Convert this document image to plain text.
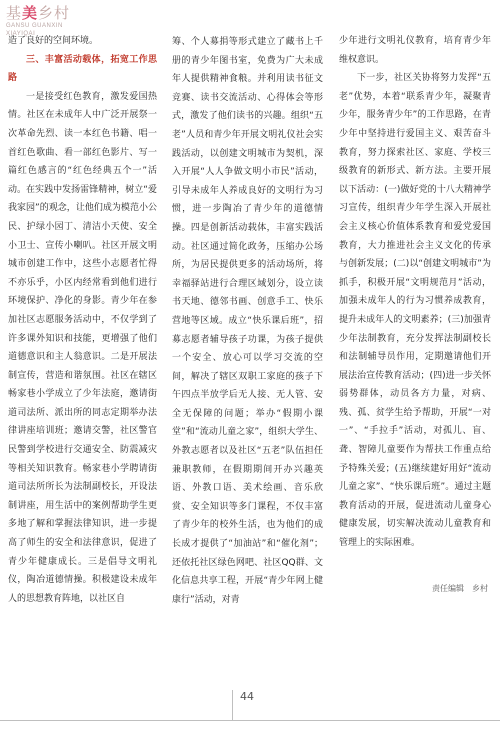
基美乡村
GANSU GUANXIN
XIAYIQAI

造了良好的空间环境。

三、丰富活动载体，拓宽工作思路

一是接受红色教育，激发爱国热情。社区在未成年人中广泛开展祭一次革命先烈、读一本红色书籍、唱一首红色歌曲、看一部红色影片、写一篇红色感言的“红色经典五个一”活动。在实践中发扬雷锋精神，树立“爱我家园”的观念，让他们成为模范小公民、护绿小园丁、清洁小天使、安全小卫士、宣传小喇叭。社区开展文明城市创建工作中，这些小志愿者忙得不亦乐乎，小区内经常看到他们进行环境保护、净化的身影。青少年在参加社区志愿服务活动中，不仅学到了许多课外知识和技能，更增强了他们道德意识和主人翁意识。二是开展法制宣传，营造和谐氛围。社区在辖区畅家巷小学成立了少年法庭，邀请街道司法所、派出所的同志定期举办法律讲座培训班；邀请交警，社区警官民警到学校进行交通安全、防震减灾等相关知识教育。畅家巷小学聘请街道司法所所长为法制副校长，开设法制讲座，用生活中的案例帮助学生更多地了解和掌握法律知识，进一步提高了师生的安全和法律意识，促进了青少年健康成长。三是倡导文明礼仪，陶冶道德情操。积极建设未成年人的思想教育阵地，以社区自

筹、个人募捐等形式建立了藏书上千册的青少年图书室，免费为广大未成年人提供精神食粮。并利用读书征文竞赛、读书交流活动、心得体会等形式，激发了他们读书的兴趣。组织“五老”人员和青少年开展文明礼仪社会实践活动，以创建文明城市为契机，深入开展“人人争做文明小市民”活动，引导未成年人养成良好的文明行为习惯，进一步陶冶了青少年的道德情操。四是创新活动载体，丰富实践活动。社区通过简化政务，压缩办公场所，为居民提供更多的活动场所，将幸福驿站进行合理区域划分，设立读书天地、德邻书画、创意手工、快乐营地等区域。成立“快乐课后班”，招募志愿者辅导孩子功课，为孩子提供一个安全、放心可以学习交流的空间，解决了辖区双职工家庭的孩子下午四点半放学后无人接、无人管、安全无保障的问题；举办“假期小课堂”和“流动儿童之家”，组织大学生、外教志愿者以及社区“五老”队伍担任兼职教师，在假期期间开办兴趣英语、外教口语、美术绘画、音乐欣赏、安全知识等多门课程，不仅丰富了青少年的校外生活，也为他们的成长成才提供了“加油站”和“催化剂”；还依托社区绿色网吧、社区QQ群、文化信息共享工程，开展“青少年网上健康行”活动，对青

少年进行文明礼仪教育，培育青少年维权意识。

下一步，社区关协将努力发挥“五老”优势，本着“联系青少年，凝聚青少年，服务青少年”的工作思路，在青少年中坚持进行爱国主义、艰苦奋斗教育，努力探索社区、家庭、学校三级教育的新形式、新方法。主要开展以下活动：(一)做好党的十八大精神学习宣传，组织青少年学生深入开展社会主义核心价值体系教育和爱党爱国教育，大力推进社会主义文化的传承与创新发展；(二)以“创建文明城市”为抓手，积极开展“文明规范月”活动，加强未成年人的行为习惯养成教育，提升未成年人的文明素养；(三)加强青少年法制教育，充分发挥法制副校长和法制辅导员作用，定期邀请他们开展法治宣传教育活动；(四)进一步关怀弱势群体，动员各方力量，对病、残、孤、贫学生给予帮助，开展“一对一”、“手拉手”活动，对孤儿、盲、聋、智障儿童要作为帮扶工作重点给予特殊关爱；(五)继续建好用好“流动儿童之家”、“快乐课后班”。通过主题教育活动的开展，促进流动儿童身心健康发展，切实解决流动儿童教育和管理上的实际困难。

责任编辑　乡村
44
